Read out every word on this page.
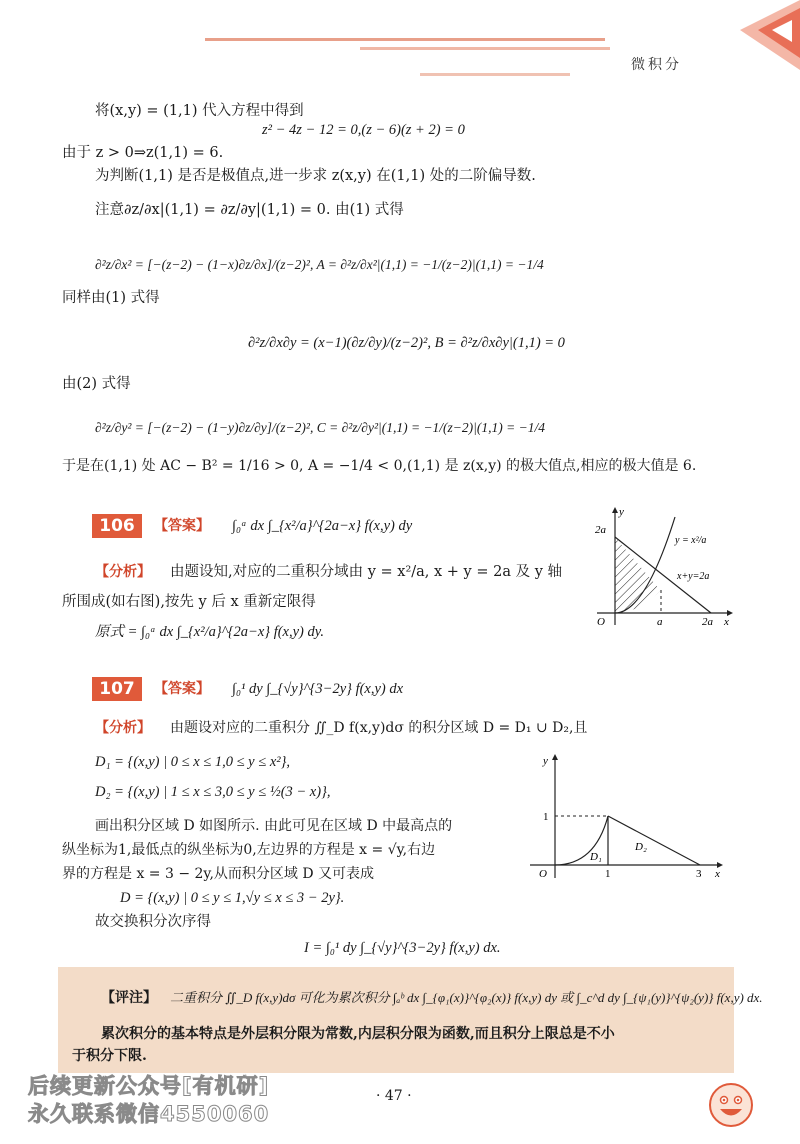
微积分
将(x,y) = (1,1) 代入方程中得到
z² − 4z − 12 = 0,(z − 6)(z + 2) = 0
由于 z > 0⇒z(1,1) = 6.
为判断(1,1) 是否是极值点,进一步求 z(x,y) 在(1,1) 处的二阶偏导数.
注意∂z/∂x|(1,1) = ∂z/∂y|(1,1) = 0. 由(1) 式得
∂²z/∂x² = [−(z−2) − (1−x)∂z/∂x]/(z−2)², A = ∂²z/∂x²|(1,1) = −1/(z−2)|(1,1) = −1/4
同样由(1) 式得
∂²z/∂x∂y = (x−1)(∂z/∂y)/(z−2)², B = ∂²z/∂x∂y|(1,1) = 0
由(2) 式得
∂²z/∂y² = [−(z−2) − (1−y)∂z/∂y]/(z−2)², C = ∂²z/∂y²|(1,1) = −1/(z−2)|(1,1) = −1/4
于是在(1,1) 处 AC − B² = 1/16 > 0, A = −1/4 < 0,(1,1) 是 z(x,y) 的极大值点,相应的极大值是 6.
106	【答案】 ∫₀ᵃ dx ∫_{x²/a}^{2a−x} f(x,y) dy
【分析】 由题设知,对应的二重积分域由 y = x²/a, x + y = 2a 及 y 轴
所围成(如右图),按先 y 后 x 重新定限得
原式 = ∫₀ᵃ dx ∫_{x²/a}^{2a−x} f(x,y) dy.
y
x
O
2a
a	2a
y = x²/a
x+y=2a
107	【答案】 ∫₀¹ dy ∫_{√y}^{3−2y} f(x,y) dx
【分析】 由题设对应的二重积分 ∬_D f(x,y)dσ 的积分区域 D = D₁ ∪ D₂,且
D₁ = {(x,y) | 0 ≤ x ≤ 1,0 ≤ y ≤ x²},
D₂ = {(x,y) | 1 ≤ x ≤ 3,0 ≤ y ≤ ½(3 − x)},
画出积分区域 D 如图所示. 由此可见在区域 D 中最高点的
纵坐标为1,最低点的纵坐标为0,左边界的方程是 x = √y,右边
界的方程是 x = 3 − 2y,从而积分区域 D 又可表成
D = {(x,y) | 0 ≤ y ≤ 1,√y ≤ x ≤ 3 − 2y}.
故交换积分次序得
I = ∫₀¹ dy ∫_{√y}^{3−2y} f(x,y) dx.
y
x
O
1
1	3
D₁
D₂
【评注】 二重积分 ∬_D f(x,y)dσ 可化为累次积分 ∫ₐᵇ dx ∫_{φ₁(x)}^{φ₂(x)} f(x,y) dy 或 ∫_c^d dy ∫_{ψ₁(y)}^{ψ₂(y)} f(x,y) dx.
累次积分的基本特点是外层积分限为常数,内层积分限为函数,而且积分上限总是不小
于积分下限.
后续更新公众号[有机研]
永久联系微信4550060
· 47 ·
